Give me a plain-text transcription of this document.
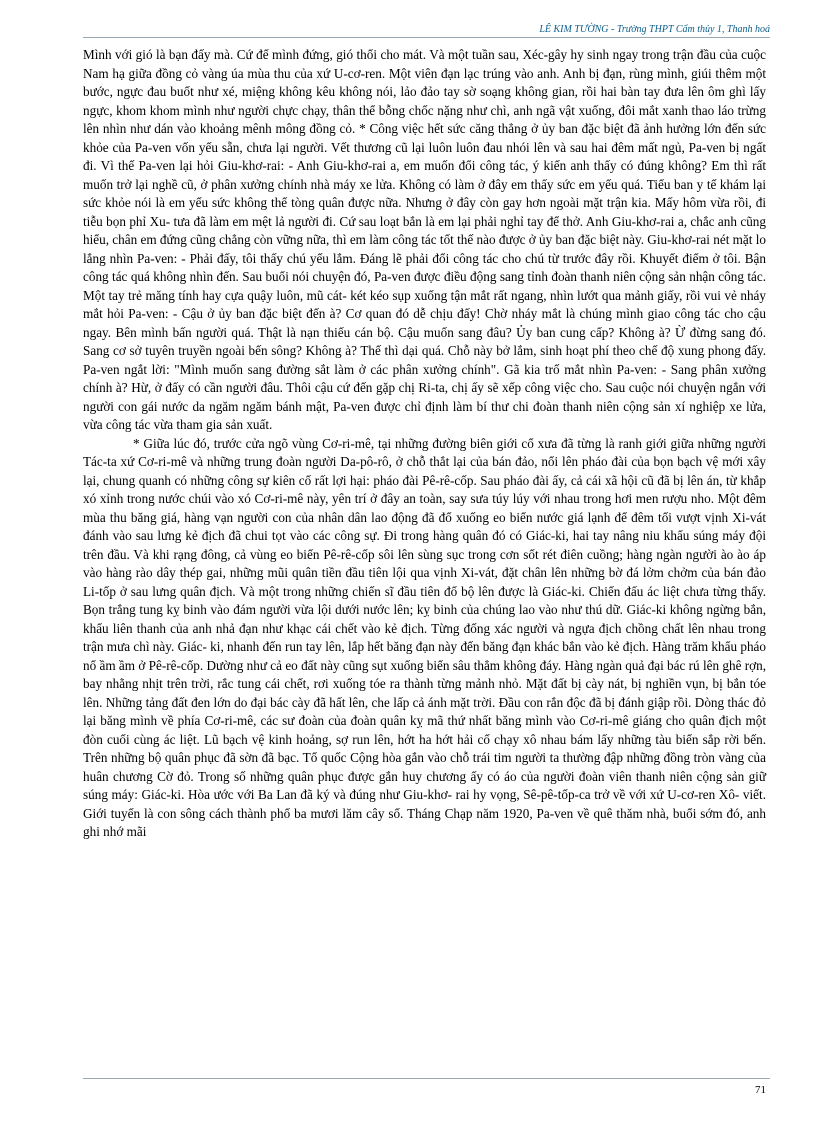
LÊ KIM TƯỜNG - Trường THPT Cẩm thủy 1, Thanh hoá

Mình với gió là bạn đấy mà. Cứ để mình đứng, gió thổi cho mát. Và một tuần sau, Xéc-gây hy sinh ngay trong trận đầu của cuộc Nam hạ giữa đồng cỏ vàng úa mùa thu của xứ U-cơ-ren. Một viên đạn lạc trúng vào anh. Anh bị đạn, rùng mình, giúi thêm một bước, ngực đau buốt như xé, miệng không kêu không nói, lảo đảo tay sờ soạng không gian, rồi hai bàn tay đưa lên ôm ghì lấy ngực, khom khom mình như người chực chạy, thân thể bỗng chốc nặng như chì, anh ngã vật xuống, đôi mắt xanh thao láo trừng lên nhìn như dán vào khoảng mênh mông đồng cỏ. * Công việc hết sức căng thẳng ở ủy ban đặc biệt đã ảnh hưởng lớn đến sức khỏe của Pa-ven vốn yếu sẵn, chưa lại người. Vết thương cũ lại luôn luôn đau nhói lên và sau hai đêm mất ngủ, Pa-ven bị ngất đi. Vì thế Pa-ven lại hỏi Giu-khơ-rai: - Anh Giu-khơ-rai a, em muốn đổi công tác, ý kiến anh thấy có đúng không? Em thì rất muốn trở lại nghề cũ, ở phân xưởng chính nhà máy xe lửa. Không có làm ở đây em thấy sức em yếu quá. Tiểu ban y tế khám lại sức khỏe nói là em yếu sức không thể tòng quân được nữa. Nhưng ở đây còn gay hơn ngoài mặt trận kia. Mấy hôm vừa rồi, đi tiễu bọn phỉ Xu- tưa đã làm em mệt lả người đi. Cứ sau loạt bắn là em lại phải nghỉ tay để thở. Anh Giu-khơ-rai a, chắc anh cũng hiểu, chân em đứng cũng chẳng còn vững nữa, thì em làm công tác tốt thế nào được ở ủy ban đặc biệt này. Giu-khơ-rai nét mặt lo lắng nhìn Pa-ven: - Phải đấy, tôi thấy chú yếu lắm. Đáng lẽ phải đổi công tác cho chú từ trước đây rồi. Khuyết điểm ở tôi. Bận công tác quá không nhìn đến. Sau buổi nói chuyện đó, Pa-ven được điều động sang tỉnh đoàn thanh niên cộng sản nhận công tác. Một tay trẻ măng tính hay cựa quậy luôn, mũ cát- két kéo sụp xuống tận mắt rất ngang, nhìn lướt qua mảnh giấy, rồi vui vẻ nháy mắt hỏi Pa-ven: - Cậu ở ủy ban đặc biệt đến à? Cơ quan đó dễ chịu đấy! Chờ nháy mắt là chúng mình giao công tác cho cậu ngay. Bên mình bấn người quá. Thật là nạn thiếu cán bộ. Cậu muốn sang đâu? Ủy ban cung cấp? Không à? Ừ đừng sang đó. Sang cơ sở tuyên truyền ngoài bến sông? Không à? Thế thì dại quá. Chỗ này bở lắm, sinh hoạt phí theo chế độ xung phong đấy. Pa-ven ngắt lời: "Mình muốn sang đường sắt làm ở các phân xưởng chính". Gã kia trố mắt nhìn Pa-ven: - Sang phân xưởng chính à? Hừ, ở đấy có cần người đâu. Thôi cậu cứ đến gặp chị Ri-ta, chị ấy sẽ xếp công việc cho. Sau cuộc nói chuyện ngắn với người con gái nước da ngăm ngăm bánh mật, Pa-ven được chỉ định làm bí thư chi đoàn thanh niên cộng sản xí nghiệp xe lửa, vừa công tác vừa tham gia sản xuất.

* Giữa lúc đó, trước cửa ngõ vùng Cơ-ri-mê, tại những đường biên giới cổ xưa đã từng là ranh giới giữa những người Tác-ta xứ Cơ-ri-mê và những trung đoàn người Da-pô-rô, ở chỗ thắt lại của bán đảo, nổi lên pháo đài của bọn bạch vệ mới xây lại, chung quanh có những công sự kiên cố rất lợi hại: pháo đài Pê-rê-cốp. Sau pháo đài ấy, cả cái xã hội cũ đã bị lên án, từ khắp xó xỉnh trong nước chúi vào xó Cơ-ri-mê này, yên trí ở đây an toàn, say sưa túy lúy với nhau trong hơi men rượu nho. Một đêm mùa thu băng giá, hàng vạn người con của nhân dân lao động đã đổ xuống eo biển nước giá lạnh để đêm tối vượt vịnh Xi-vát đánh vào sau lưng kẻ địch đã chui tọt vào các công sự. Đi trong hàng quân đó có Giác-ki, hai tay nâng niu khẩu súng máy đội trên đầu. Và khi rạng đông, cả vùng eo biển Pê-rê-cốp sôi lên sùng sục trong cơn sốt rét điên cuồng; hàng ngàn người ào ào áp vào hàng rào dây thép gai, những mũi quân tiền đầu tiên lội qua vịnh Xi-vát, đặt chân lên những bờ đá lởm chởm của bán đảo Li-tốp ở sau lưng quân địch. Và một trong những chiến sĩ đầu tiên đổ bộ lên được là Giác-ki. Chiến đấu ác liệt chưa từng thấy. Bọn trắng tung kỵ binh vào đám người vừa lội dưới nước lên; kỵ binh của chúng lao vào như thú dữ. Giác-ki không ngừng bắn, khẩu liên thanh của anh nhả đạn như khạc cái chết vào kẻ địch. Từng đống xác người và ngựa địch chồng chất lên nhau trong trận mưa chì này. Giác- ki, nhanh đến run tay lên, lắp hết băng đạn này đến băng đạn khác bắn vào kẻ địch. Hàng trăm khẩu pháo nổ ầm ầm ở Pê-rê-cốp. Dường như cả eo đất này cũng sụt xuống biển sâu thẳm không đáy. Hàng ngàn quả đại bác rú lên ghê rợn, bay nhằng nhịt trên trời, rắc tung cái chết, rơi xuống tóe ra thành từng mảnh nhỏ. Mặt đất bị cày nát, bị nghiền vụn, bị bắn tóe lên. Những tảng đất đen lớn do đại bác cày đã hất lên, che lấp cả ánh mặt trời. Đầu con rắn độc đã bị đánh giập rồi. Dòng thác đỏ lại băng mình về phía Cơ-ri-mê, các sư đoàn của đoàn quân kỵ mã thứ nhất băng mình vào Cơ-ri-mê giáng cho quân địch một đòn cuối cùng ác liệt. Lũ bạch vệ kinh hoảng, sợ run lên, hớt ha hớt hải cố chạy xô nhau bám lấy những tàu biển sắp rời bến. Trên những bộ quân phục đã sờn đã bạc. Tổ quốc Cộng hòa gắn vào chỗ trái tim người ta thường đập những đồng tròn vàng của huân chương Cờ đỏ. Trong số những quân phục được gắn huy chương ấy có áo của người đoàn viên thanh niên cộng sản giữ súng máy: Giác-ki. Hòa ước với Ba Lan đã ký và đúng như Giu-khơ- rai hy vọng, Sê-pê-tốp-ca trở về với xứ U-cơ-ren Xô- viết. Giới tuyến là con sông cách thành phố ba mươi lăm cây số. Tháng Chạp năm 1920, Pa-ven về quê thăm nhà, buổi sớm đó, anh ghi nhớ mãi

71
